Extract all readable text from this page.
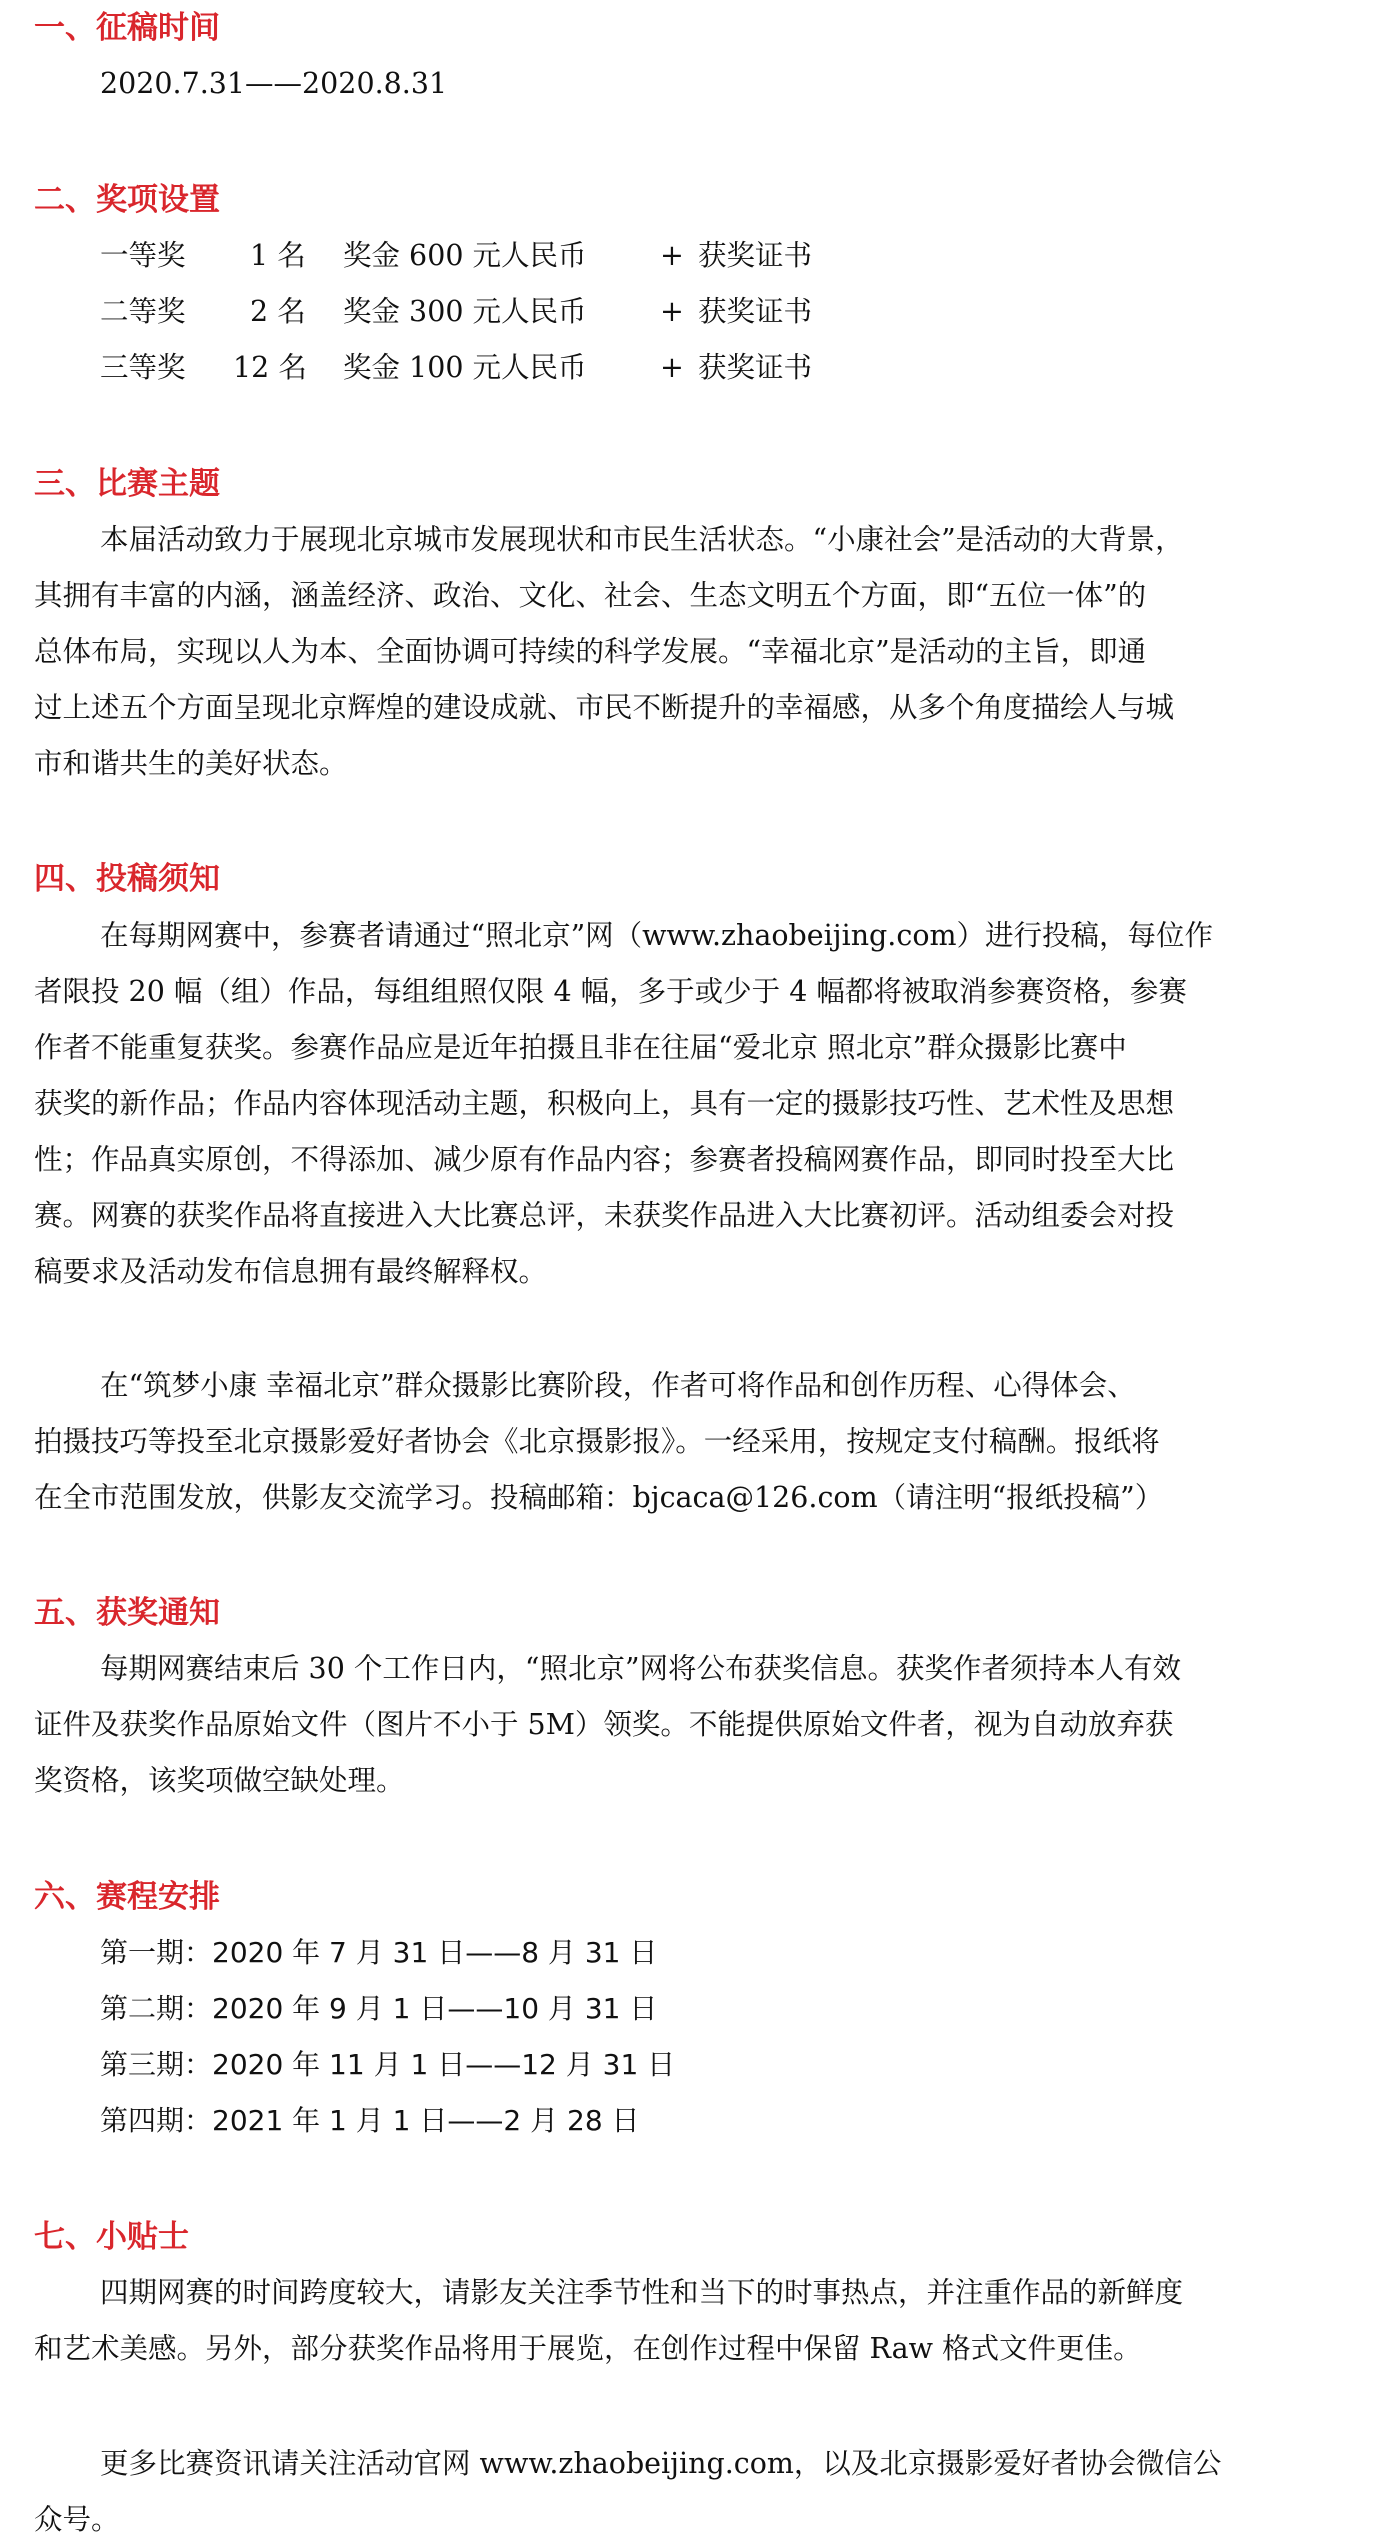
一、征稿时间
2020.7.31——2020.8.31
二、奖项设置
一等奖 1 名 奖金 600 元人民币	+ 获奖证书
二等奖 2 名 奖金 300 元人民币	+ 获奖证书
三等奖 12 名 奖金 100 元人民币	+ 获奖证书
三、比赛主题
本届活动致力于展现北京城市发展现状和市民生活状态。“小康社会”是活动的大背景，
其拥有丰富的内涵，涵盖经济、政治、文化、社会、生态文明五个方面，即“五位一体”的
总体布局，实现以人为本、全面协调可持续的科学发展。“幸福北京”是活动的主旨，即通
过上述五个方面呈现北京辉煌的建设成就、市民不断提升的幸福感，从多个角度描绘人与城
市和谐共生的美好状态。
四、投稿须知
在每期网赛中，参赛者请通过“照北京”网（www.zhaobeijing.com）进行投稿，每位作
者限投 20 幅（组）作品，每组组照仅限 4 幅，多于或少于 4 幅都将被取消参赛资格，参赛
作者不能重复获奖。参赛作品应是近年拍摄且非在往届“爱北京 照北京”群众摄影比赛中
获奖的新作品；作品内容体现活动主题，积极向上，具有一定的摄影技巧性、艺术性及思想
性；作品真实原创，不得添加、减少原有作品内容；参赛者投稿网赛作品，即同时投至大比
赛。网赛的获奖作品将直接进入大比赛总评，未获奖作品进入大比赛初评。活动组委会对投
稿要求及活动发布信息拥有最终解释权。
在“筑梦小康 幸福北京”群众摄影比赛阶段，作者可将作品和创作历程、心得体会、
拍摄技巧等投至北京摄影爱好者协会《北京摄影报》。一经采用，按规定支付稿酬。报纸将
在全市范围发放，供影友交流学习。投稿邮箱：bjcaca@126.com（请注明“报纸投稿”）
五、获奖通知
每期网赛结束后 30 个工作日内，“照北京”网将公布获奖信息。获奖作者须持本人有效
证件及获奖作品原始文件（图片不小于 5M）领奖。不能提供原始文件者，视为自动放弃获
奖资格，该奖项做空缺处理。
六、赛程安排
第一期：2020 年 7 月 31 日——8 月 31 日
第二期：2020 年 9 月 1 日——10 月 31 日
第三期：2020 年 11 月 1 日——12 月 31 日
第四期：2021 年 1 月 1 日——2 月 28 日
七、小贴士
四期网赛的时间跨度较大，请影友关注季节性和当下的时事热点，并注重作品的新鲜度
和艺术美感。另外，部分获奖作品将用于展览，在创作过程中保留 Raw 格式文件更佳。
更多比赛资讯请关注活动官网 www.zhaobeijing.com，以及北京摄影爱好者协会微信公
众号。
